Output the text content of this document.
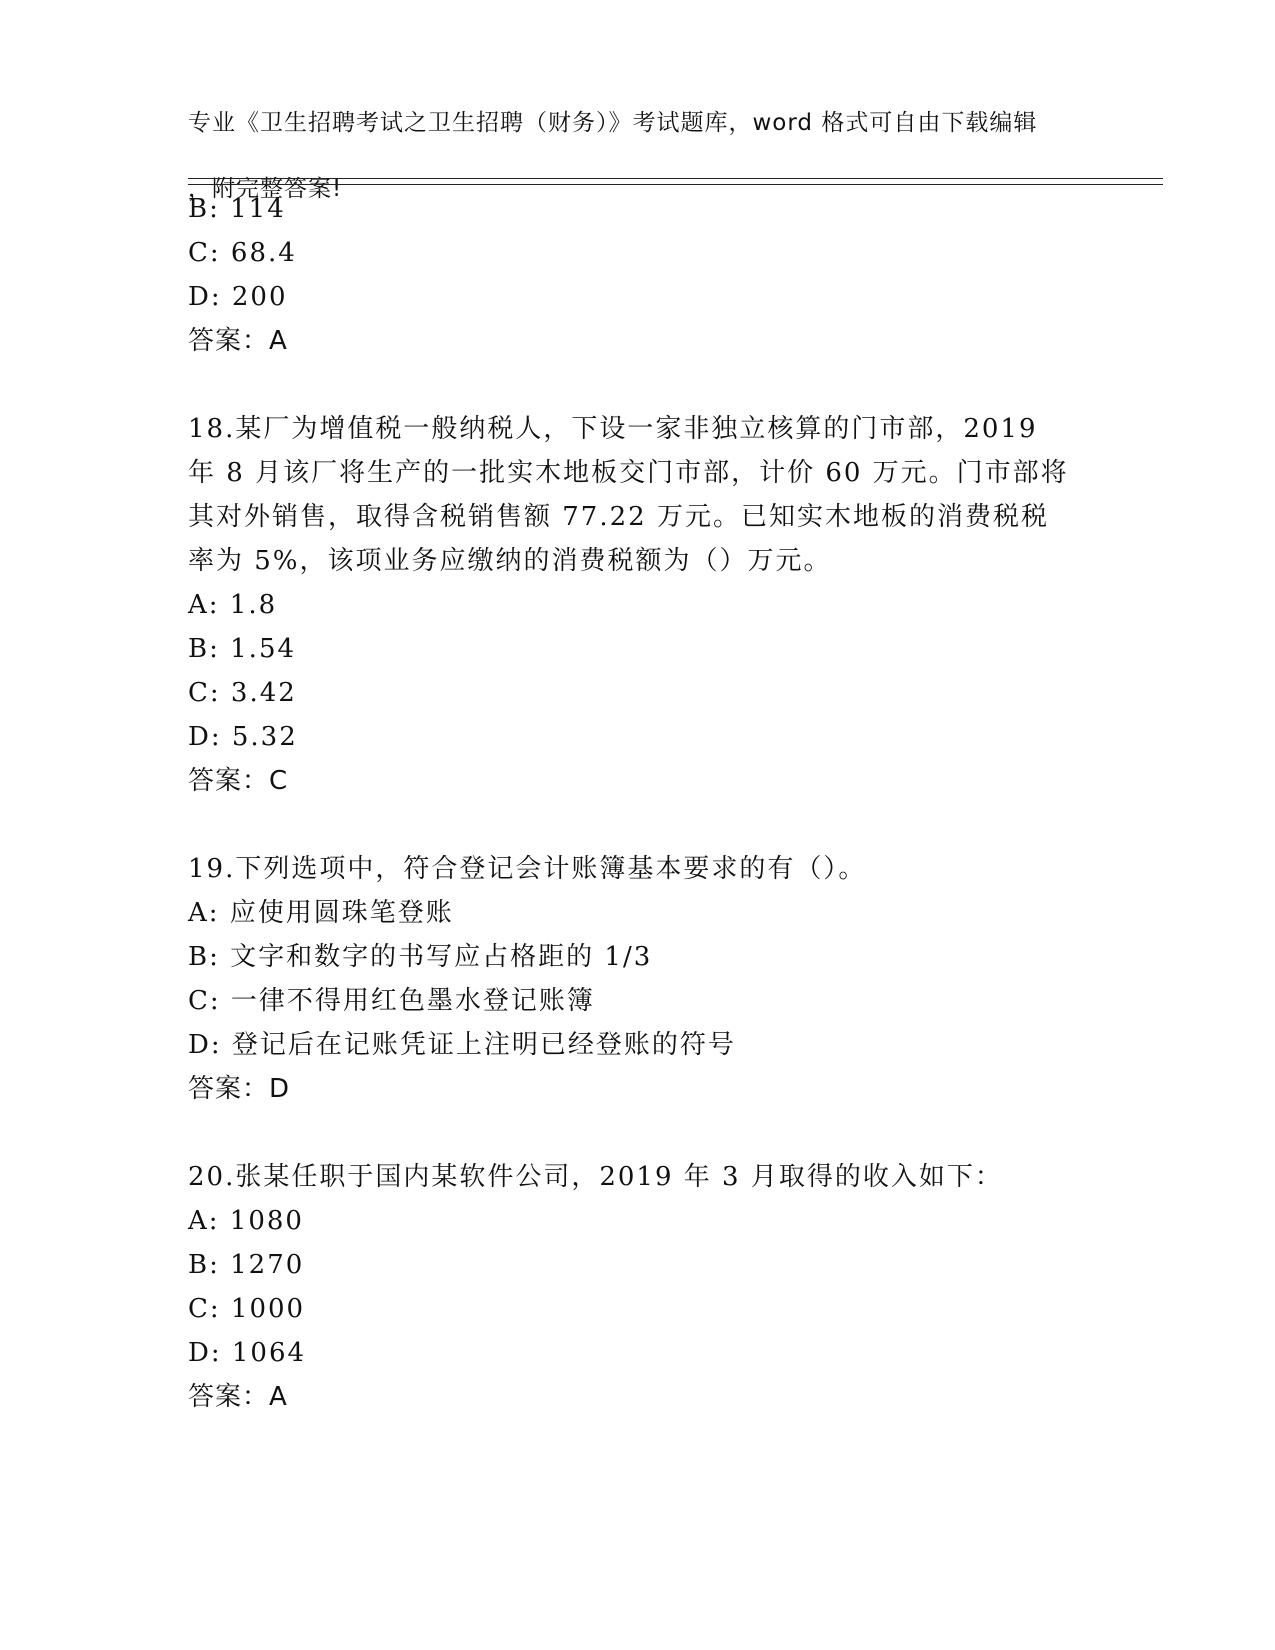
专业《卫生招聘考试之卫生招聘（财务）》考试题库，word 格式可自由下载编辑

，附完整答案!

B: 114
C: 68.4
D: 200
答案：A
18.某厂为增值税一般纳税人，下设一家非独立核算的门市部，2019
年 8 月该厂将生产的一批实木地板交门市部，计价 60 万元。门市部将
其对外销售，取得含税销售额 77.22 万元。已知实木地板的消费税税
率为 5%，该项业务应缴纳的消费税额为（）万元。
A: 1.8
B: 1.54
C: 3.42
D: 5.32
答案：C
19.下列选项中，符合登记会计账簿基本要求的有（）。
A: 应使用圆珠笔登账
B: 文字和数字的书写应占格距的 1/3
C: 一律不得用红色墨水登记账簿
D: 登记后在记账凭证上注明已经登账的符号
答案：D
20.张某任职于国内某软件公司，2019 年 3 月取得的收入如下：
A: 1080
B: 1270
C: 1000
D: 1064
答案：A
